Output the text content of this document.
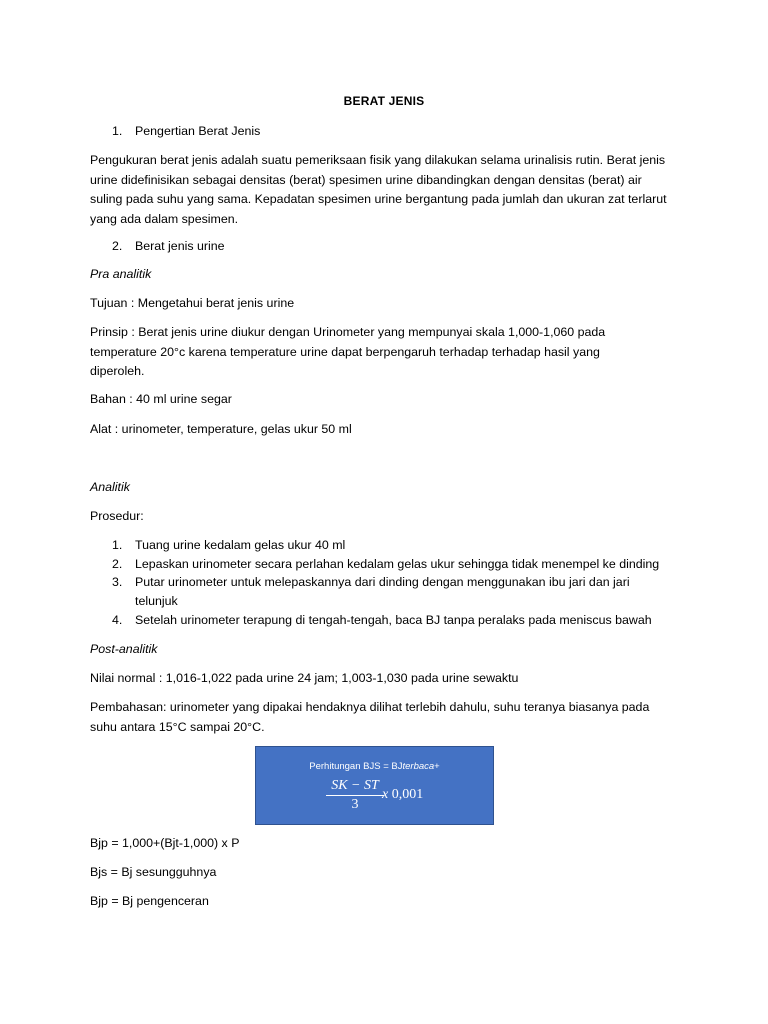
BERAT JENIS
1. Pengertian Berat Jenis

Pengukuran berat jenis adalah suatu pemeriksaan fisik yang dilakukan selama urinalisis rutin. Berat jenis

urine didefinisikan sebagai densitas (berat) spesimen urine dibandingkan dengan densitas (berat) air

suling pada suhu yang sama. Kepadatan spesimen urine bergantung pada jumlah dan ukuran zat terlarut

yang ada dalam spesimen.

2. Berat jenis urine
Pra analitik
Tujuan : Mengetahui berat jenis urine

Prinsip : Berat jenis urine diukur dengan Urinometer yang mempunyai skala 1,000-1,060 pada

temperature 20°c karena temperature urine dapat berpengaruh terhadap terhadap hasil yang

diperoleh.

Bahan : 40 ml urine segar
Alat : urinometer, temperature, gelas ukur 50 ml
Analitik
Prosedur:
1. Tuang urine kedalam gelas ukur 40 ml
2. Lepaskan urinometer secara perlahan kedalam gelas ukur sehingga tidak menempel ke dinding
3. Putar urinometer untuk melepaskannya dari dinding dengan menggunakan ibu jari dan jari
telunjuk
4. Setelah urinometer terapung di tengah-tengah, baca BJ tanpa peralaks pada meniscus bawah
Post-analitik
Nilai normal : 1,016-1,022 pada urine 24 jam; 1,003-1,030 pada urine sewaktu

Pembahasan: urinometer yang dipakai hendaknya dilihat terlebih dahulu, suhu teranya biasanya pada

suhu antara 15°C sampai 20°C.

Perhitungan BJS = BJterbaca+
SK − ST
3
x 0,001
Bjp = 1,000+(Bjt-1,000) x P
Bjs = Bj sesungguhnya
Bjp = Bj pengenceran
